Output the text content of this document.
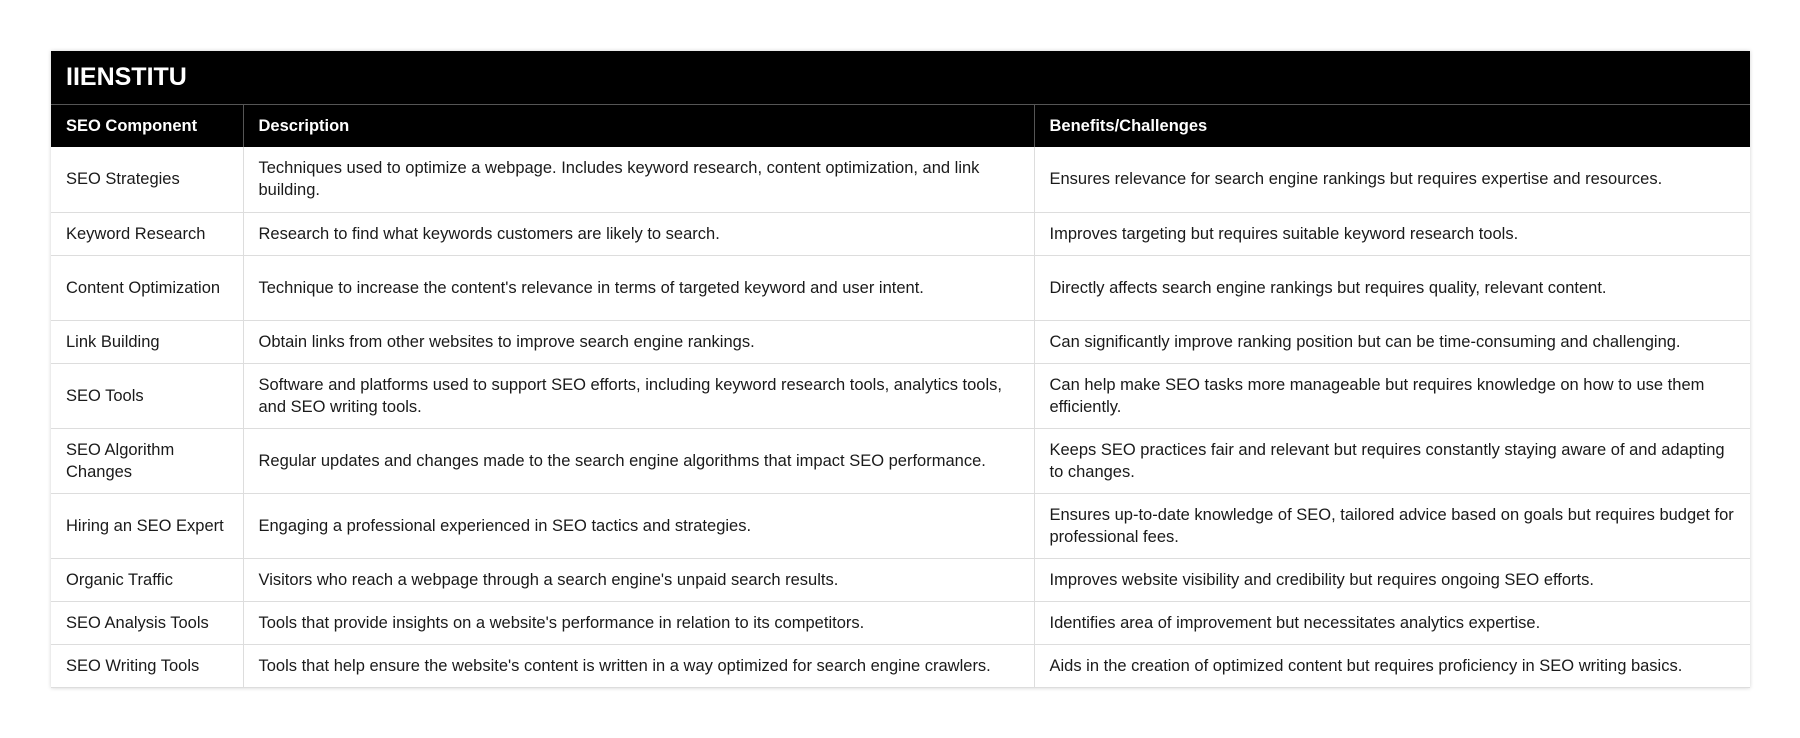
IIENSTITU		
SEO Component	Description	Benefits/Challenges
SEO Strategies	Techniques used to optimize a webpage. Includes keyword research, content optimization, and link building.	Ensures relevance for search engine rankings but requires expertise and resources.
Keyword Research	Research to find what keywords customers are likely to search.	Improves targeting but requires suitable keyword research tools.
Content Optimization	Technique to increase the content's relevance in terms of targeted keyword and user intent.	Directly affects search engine rankings but requires quality, relevant content.
Link Building	Obtain links from other websites to improve search engine rankings.	Can significantly improve ranking position but can be time-consuming and challenging.
SEO Tools	Software and platforms used to support SEO efforts, including keyword research tools, analytics tools, and SEO writing tools.	Can help make SEO tasks more manageable but requires knowledge on how to use them efficiently.
SEO Algorithm Changes	Regular updates and changes made to the search engine algorithms that impact SEO performance.	Keeps SEO practices fair and relevant but requires constantly staying aware of and adapting to changes.
Hiring an SEO Expert	Engaging a professional experienced in SEO tactics and strategies.	Ensures up-to-date knowledge of SEO, tailored advice based on goals but requires budget for professional fees.
Organic Traffic	Visitors who reach a webpage through a search engine's unpaid search results.	Improves website visibility and credibility but requires ongoing SEO efforts.
SEO Analysis Tools	Tools that provide insights on a website's performance in relation to its competitors.	Identifies area of improvement but necessitates analytics expertise.
SEO Writing Tools	Tools that help ensure the website's content is written in a way optimized for search engine crawlers.	Aids in the creation of optimized content but requires proficiency in SEO writing basics.
